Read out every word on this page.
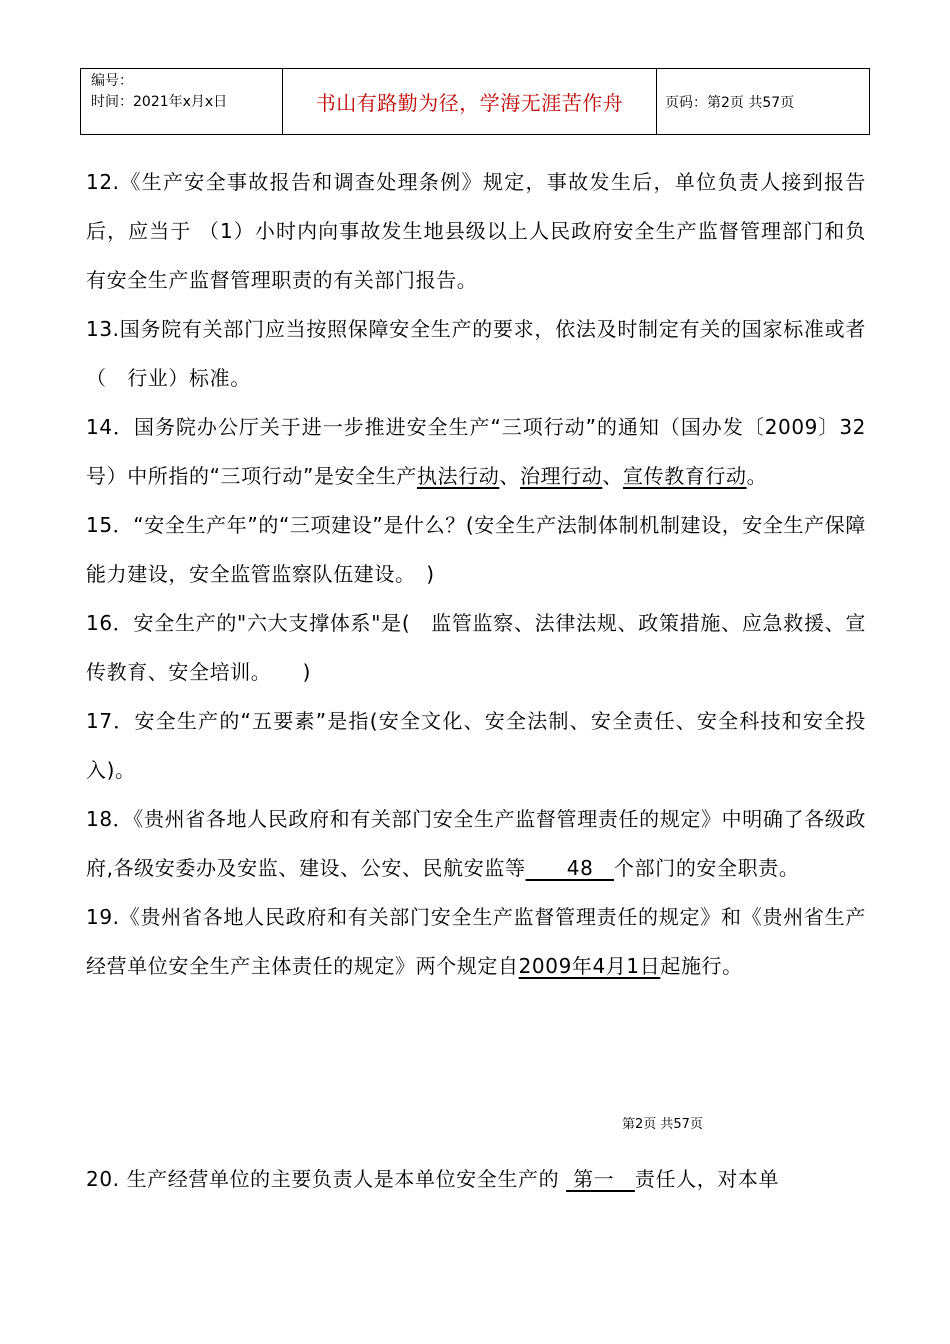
编号：
时间：2021年x月x日	书山有路勤为径，学海无涯苦作舟	页码：第2页 共57页

12.《生产安全事故报告和调查处理条例》规定，事故发生后，单位负责人接到报告后，应当于 （1）小时内向事故发生地县级以上人民政府安全生产监督管理部门和负有安全生产监督管理职责的有关部门报告。

13.国务院有关部门应当按照保障安全生产的要求，依法及时制定有关的国家标准或者（　行业）标准。

14．国务院办公厅关于进一步推进安全生产“三项行动”的通知（国办发〔2009〕32号）中所指的“三项行动”是安全生产执法行动、治理行动、宣传教育行动。

15．“安全生产年”的“三项建设”是什么？(安全生产法制体制机制建设，安全生产保障能力建设，安全监管监察队伍建设。　)

16．安全生产的"六大支撑体系"是(　监管监察、法律法规、政策措施、应急救援、宣传教育、安全培训。　　)

17．安全生产的“五要素”是指(安全文化、安全法制、安全责任、安全科技和安全投入)。

18．《贵州省各地人民政府和有关部门安全生产监督管理责任的规定》中明确了各级政府,各级安委办及安监、建设、公安、民航安监等　　48　个部门的安全职责。

19.《贵州省各地人民政府和有关部门安全生产监督管理责任的规定》和《贵州省生产经营单位安全生产主体责任的规定》两个规定自2009年4月1日起施行。

第2页 共57页
20. 生产经营单位的主要负责人是本单位安全生产的  第一　责任人，对本单
